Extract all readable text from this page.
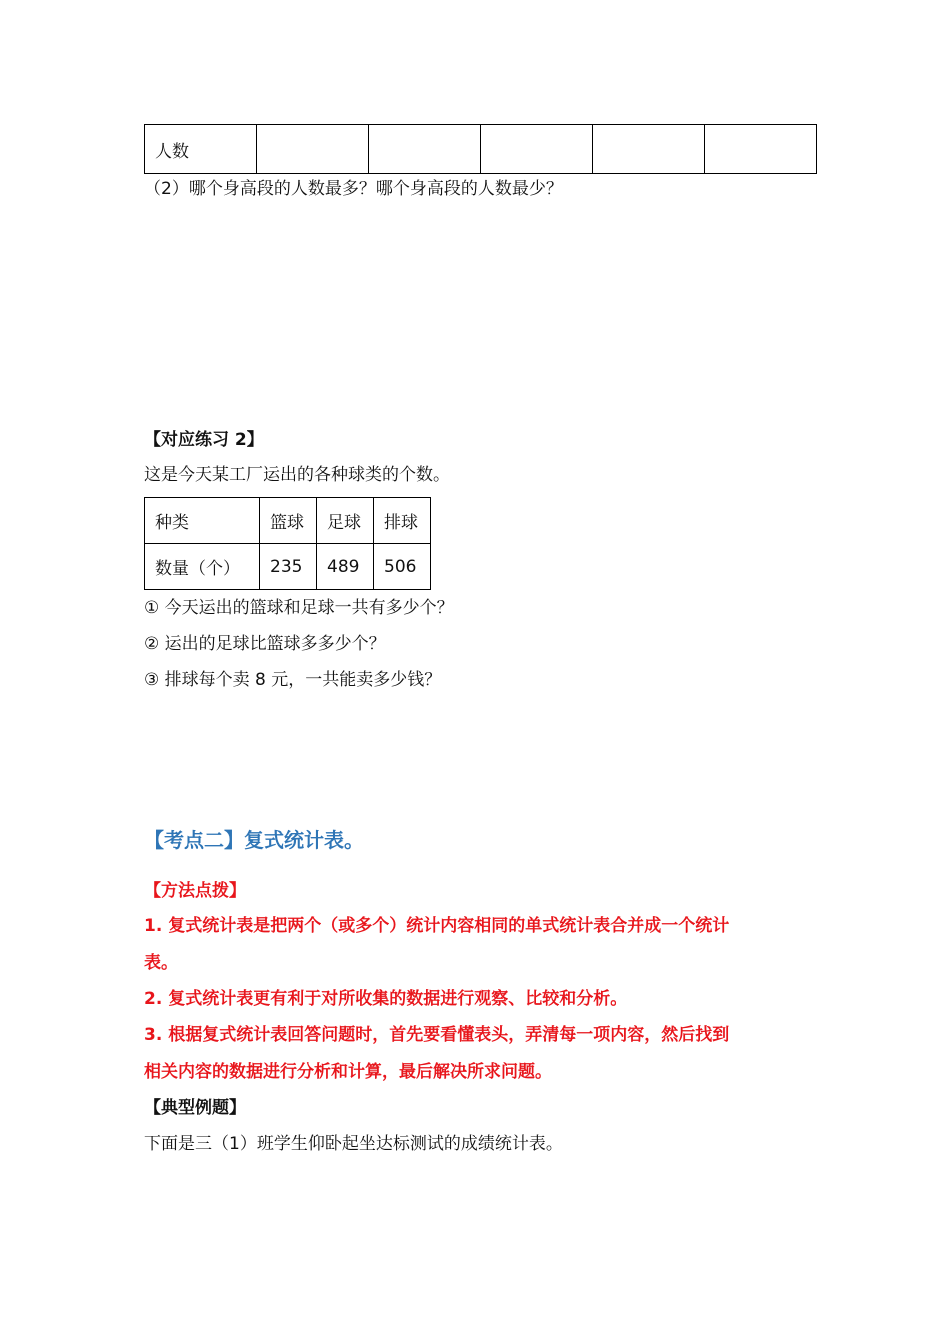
人数					
（2）哪个身高段的人数最多？哪个身高段的人数最少？
【对应练习 2】
这是今天某工厂运出的各种球类的个数。
种类	篮球	足球	排球
数量（个）	235	489	506
① 今天运出的篮球和足球一共有多少个？
② 运出的足球比篮球多多少个？
③ 排球每个卖 8 元，一共能卖多少钱？
【考点二】复式统计表。
【方法点拨】
1. 复式统计表是把两个（或多个）统计内容相同的单式统计表合并成一个统计
表。
2. 复式统计表更有利于对所收集的数据进行观察、比较和分析。
3. 根据复式统计表回答问题时，首先要看懂表头，弄清每一项内容，然后找到
相关内容的数据进行分析和计算，最后解决所求问题。
【典型例题】
下面是三（1）班学生仰卧起坐达标测试的成绩统计表。
